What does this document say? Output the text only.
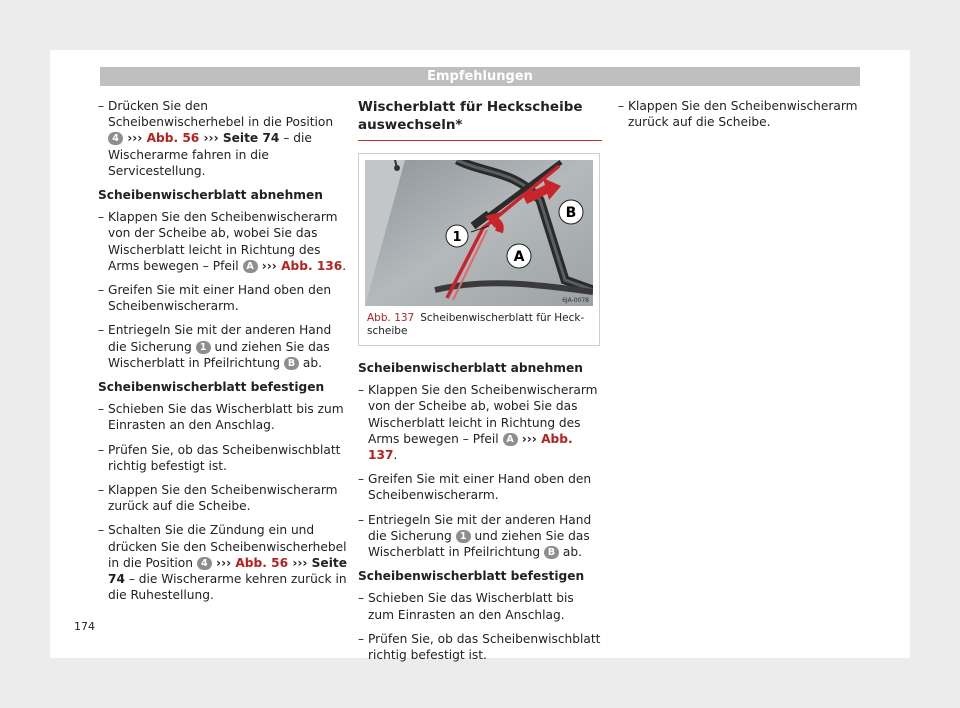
Empfehlungen
– Drücken Sie den Scheibenwischerhebel in die Position 4 ››› Abb. 56 ››› Seite 74 – die Wischerarme fahren in die Servicestellung.
Scheibenwischerblatt abnehmen
– Klappen Sie den Scheibenwischerarm von der Scheibe ab, wobei Sie das Wischerblatt leicht in Richtung des Arms bewegen – Pfeil A ››› Abb. 136.
– Greifen Sie mit einer Hand oben den Scheibenwischerarm.
– Entriegeln Sie mit der anderen Hand die Sicherung 1 und ziehen Sie das Wischerblatt in Pfeilrichtung B ab.
Scheibenwischerblatt befestigen
– Schieben Sie das Wischerblatt bis zum Einrasten an den Anschlag.
– Prüfen Sie, ob das Scheibenwischblatt richtig befestigt ist.
– Klappen Sie den Scheibenwischerarm zurück auf die Scheibe.
– Schalten Sie die Zündung ein und drücken Sie den Scheibenwischerhebel in die Position 4 ››› Abb. 56 ››› Seite 74 – die Wischerarme kehren zurück in die Ruhestellung.
Wischerblatt für Heckscheibe auswechseln*
1
B
A
6JA-0078
Abb. 137 Scheibenwischerblatt für Heckscheibe
Scheibenwischerblatt abnehmen
– Klappen Sie den Scheibenwischerarm von der Scheibe ab, wobei Sie das Wischerblatt leicht in Richtung des Arms bewegen – Pfeil A ››› Abb. 137.
– Greifen Sie mit einer Hand oben den Scheibenwischerarm.
– Entriegeln Sie mit der anderen Hand die Sicherung 1 und ziehen Sie das Wischerblatt in Pfeilrichtung B ab.
Scheibenwischerblatt befestigen
– Schieben Sie das Wischerblatt bis zum Einrasten an den Anschlag.
– Prüfen Sie, ob das Scheibenwischblatt richtig befestigt ist.
– Klappen Sie den Scheibenwischerarm zurück auf die Scheibe.
174
